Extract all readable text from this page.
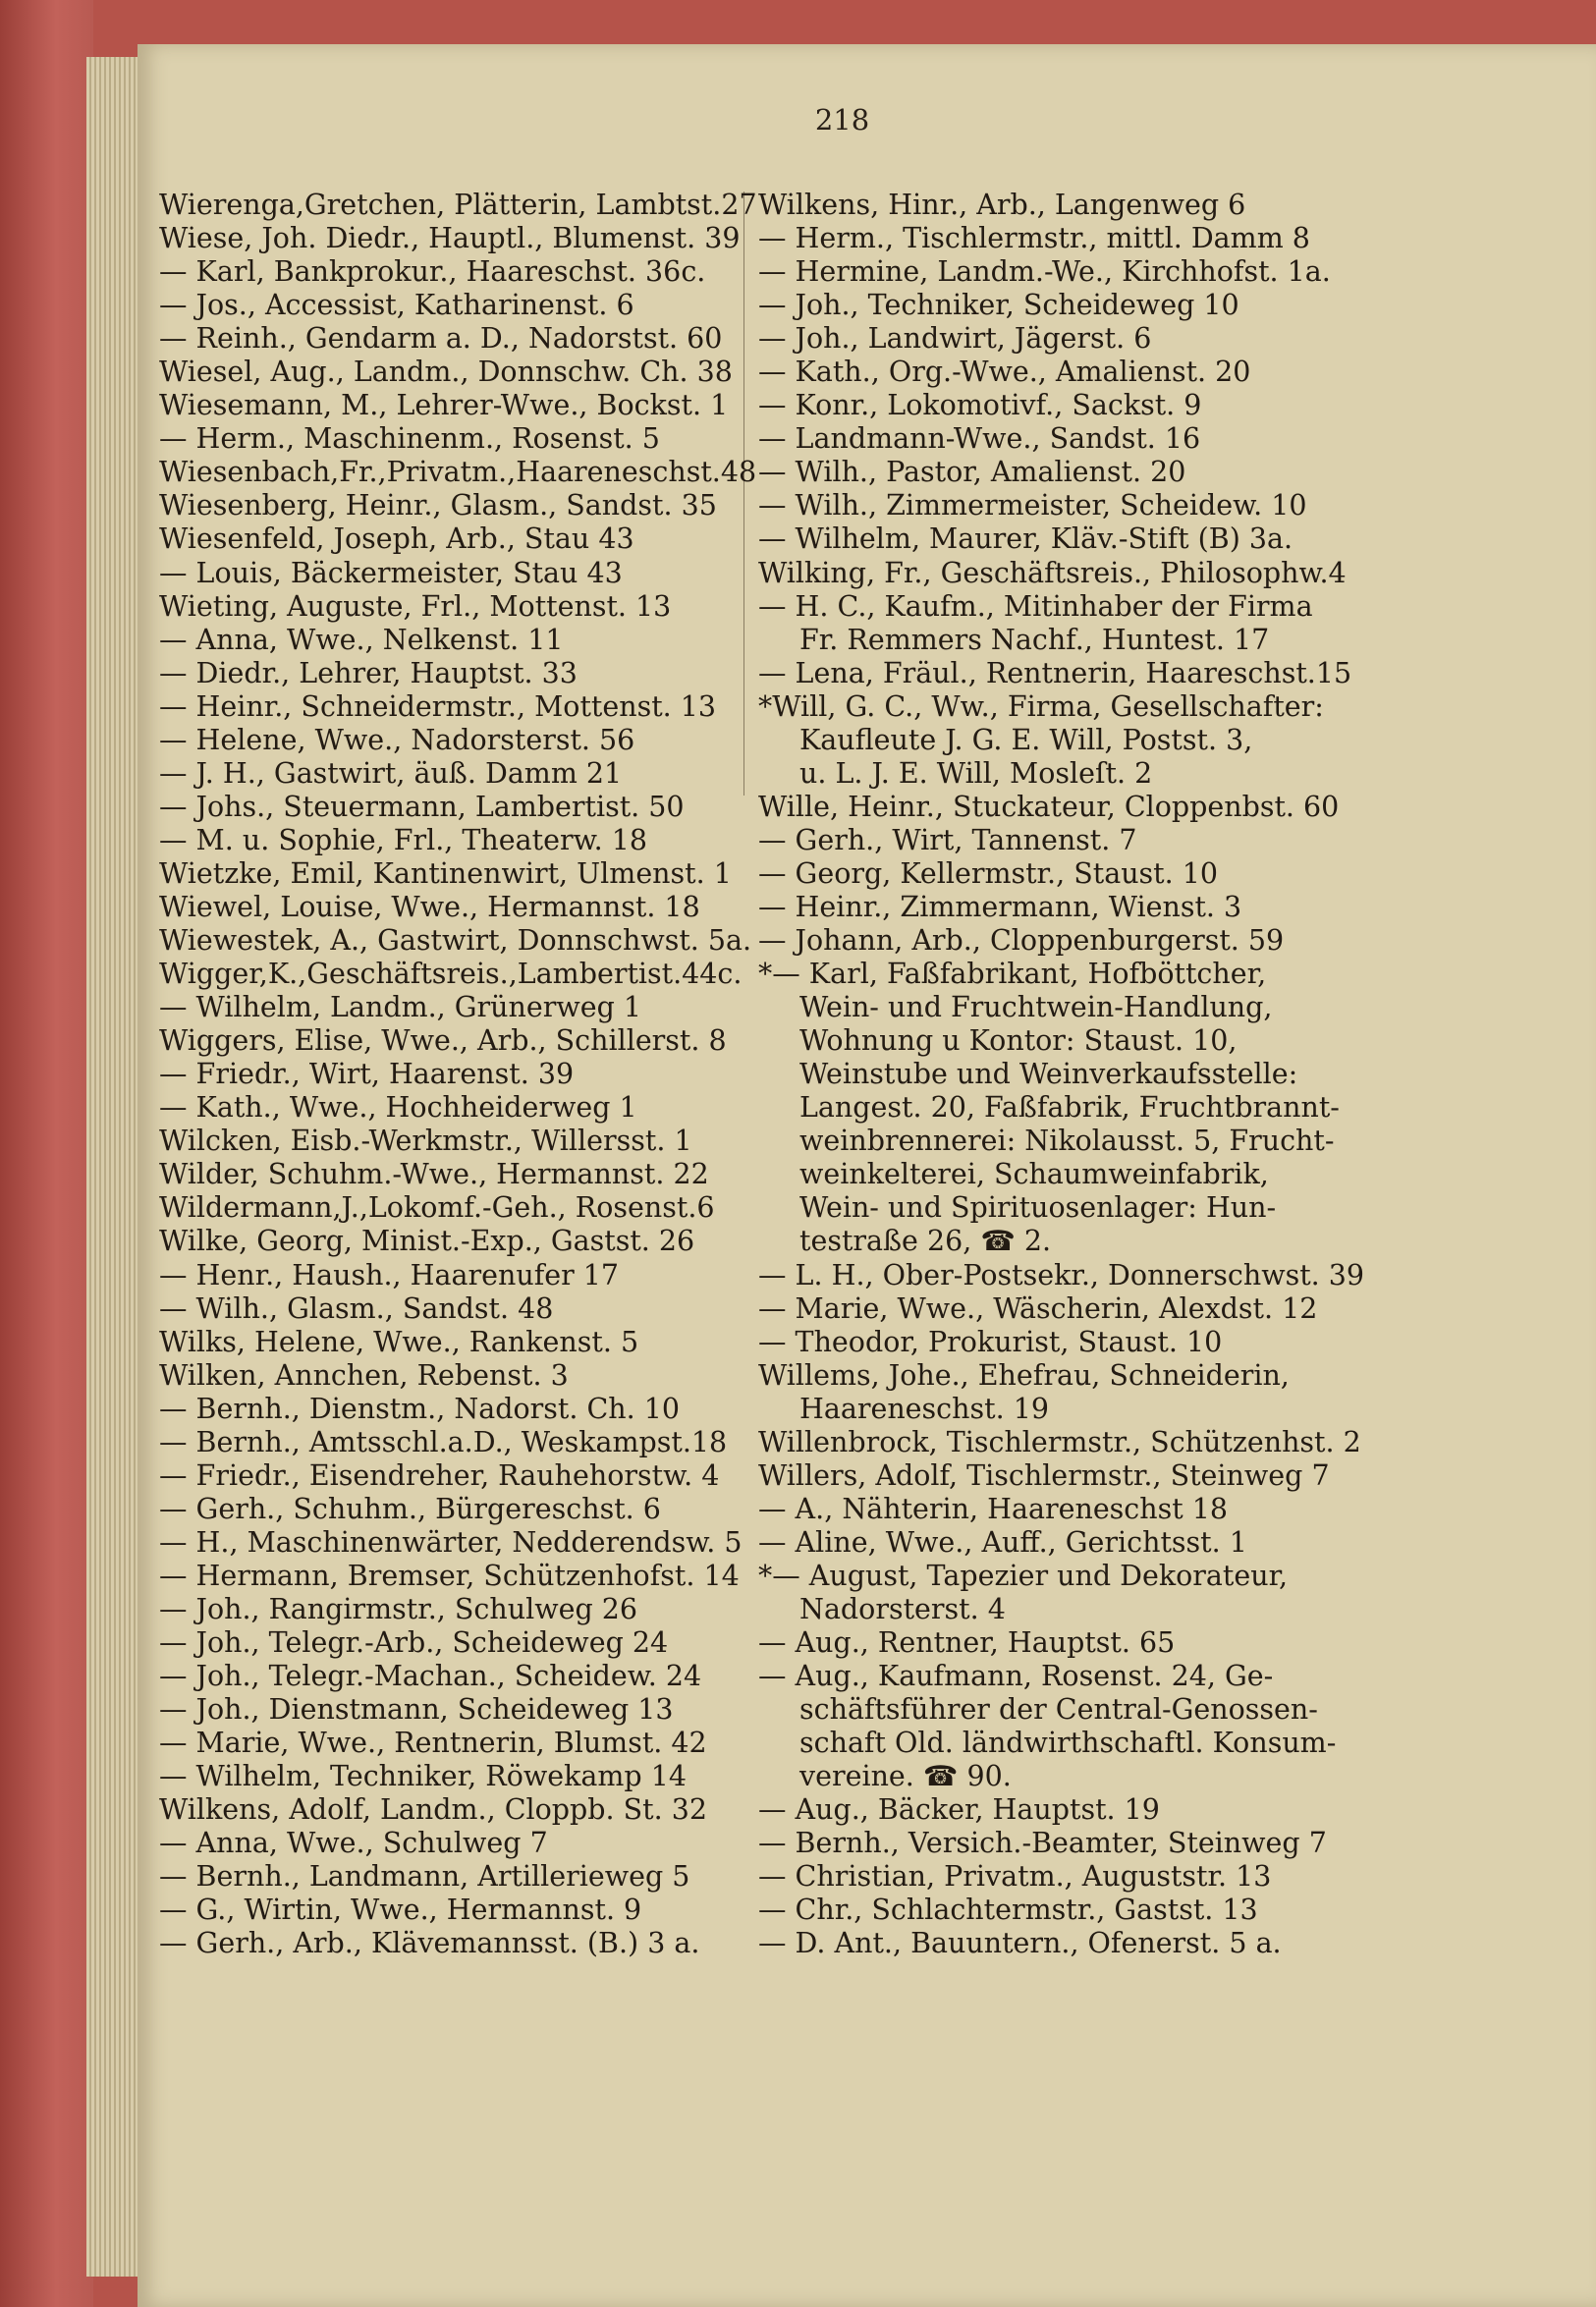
218

Wierenga,Gretchen, Plätterin, Lambtst.27

Wiese, Joh. Diedr., Hauptl., Blumenst. 39

— Karl, Bankprokur., Haareschst. 36c.

— Jos., Accessist, Katharinenst. 6

— Reinh., Gendarm a. D., Nadorstst. 60

Wiesel, Aug., Landm., Donnschw. Ch. 38

Wiesemann, M., Lehrer-Wwe., Bockst. 1

— Herm., Maschinenm., Rosenst. 5

Wiesenbach,Fr.,Privatm.,Haareneschst.48

Wiesenberg, Heinr., Glasm., Sandst. 35

Wiesenfeld, Joseph, Arb., Stau 43

— Louis, Bäckermeister, Stau 43

Wieting, Auguste, Frl., Mottenst. 13

— Anna, Wwe., Nelkenst. 11

— Diedr., Lehrer, Hauptst. 33

— Heinr., Schneidermstr., Mottenst. 13

— Helene, Wwe., Nadorsterst. 56

— J. H., Gastwirt, äuß. Damm 21

— Johs., Steuermann, Lambertist. 50

— M. u. Sophie, Frl., Theaterw. 18

Wietzke, Emil, Kantinenwirt, Ulmenst. 1

Wiewel, Louise, Wwe., Hermannst. 18

Wiewestek, A., Gastwirt, Donnschwst. 5a.

Wigger,K.,Geschäftsreis.,Lambertist.44c.

— Wilhelm, Landm., Grünerweg 1

Wiggers, Elise, Wwe., Arb., Schillerst. 8

— Friedr., Wirt, Haarenst. 39

— Kath., Wwe., Hochheiderweg 1

Wilcken, Eisb.-Werkmstr., Willersst. 1

Wilder, Schuhm.-Wwe., Hermannst. 22

Wildermann,J.,Lokomf.-Geh., Rosenst.6

Wilke, Georg, Minist.-Exp., Gastst. 26

— Henr., Haush., Haarenufer 17

— Wilh., Glasm., Sandst. 48

Wilks, Helene, Wwe., Rankenst. 5

Wilken, Annchen, Rebenst. 3

— Bernh., Dienstm., Nadorst. Ch. 10

— Bernh., Amtsschl.a.D., Weskampst.18

— Friedr., Eisendreher, Rauhehorstw. 4

— Gerh., Schuhm., Bürgereschst. 6

— H., Maschinenwärter, Nedderendsw. 5

— Hermann, Bremser, Schützenhofst. 14

— Joh., Rangirmstr., Schulweg 26

— Joh., Telegr.-Arb., Scheideweg 24

— Joh., Telegr.-Machan., Scheidew. 24

— Joh., Dienstmann, Scheideweg 13

— Marie, Wwe., Rentnerin, Blumst. 42

— Wilhelm, Techniker, Röwekamp 14

Wilkens, Adolf, Landm., Cloppb. St. 32

— Anna, Wwe., Schulweg 7

— Bernh., Landmann, Artillerieweg 5

— G., Wirtin, Wwe., Hermannst. 9

— Gerh., Arb., Klävemannsst. (B.) 3 a.

Wilkens, Hinr., Arb., Langenweg 6

— Herm., Tischlermstr., mittl. Damm 8

— Hermine, Landm.-We., Kirchhofst. 1a.

— Joh., Techniker, Scheideweg 10

— Joh., Landwirt, Jägerst. 6

— Kath., Org.-Wwe., Amalienst. 20

— Konr., Lokomotivf., Sackst. 9

— Landmann-Wwe., Sandst. 16

— Wilh., Pastor, Amalienst. 20

— Wilh., Zimmermeister, Scheidew. 10

— Wilhelm, Maurer, Kläv.-Stift (B) 3a.

Wilking, Fr., Geschäftsreis., Philosophw.4

— H. C., Kaufm., Mitinhaber der Firma

Fr. Remmers Nachf., Huntest. 17

— Lena, Fräul., Rentnerin, Haareschst.15

*Will, G. C., Ww., Firma, Gesellschafter:

Kaufleute J. G. E. Will, Postst. 3,

u. L. J. E. Will, Mosleſt. 2

Wille, Heinr., Stuckateur, Cloppenbst. 60

— Gerh., Wirt, Tannenst. 7

— Georg, Kellermstr., Staust. 10

— Heinr., Zimmermann, Wienst. 3

— Johann, Arb., Cloppenburgerst. 59

*— Karl, Faßfabrikant, Hofböttcher,

Wein- und Fruchtwein-Handlung,

Wohnung u Kontor: Staust. 10,

Weinstube und Weinverkaufsstelle:

Langest. 20, Faßfabrik, Fruchtbrannt-

weinbrennerei: Nikolausst. 5, Frucht-

weinkelterei, Schaumweinfabrik,

Wein- und Spirituosenlager: Hun-

testraße 26, ☎ 2.

— L. H., Ober-Postsekr., Donnerschwst. 39

— Marie, Wwe., Wäscherin, Alexdst. 12

— Theodor, Prokurist, Staust. 10

Willems, Johe., Ehefrau, Schneiderin,

Haareneschst. 19

Willenbrock, Tischlermstr., Schützenhst. 2

Willers, Adolf, Tischlermstr., Steinweg 7

— A., Nähterin, Haareneschst 18

— Aline, Wwe., Auff., Gerichtsst. 1

*— August, Tapezier und Dekorateur,

Nadorsterst. 4

— Aug., Rentner, Hauptst. 65

— Aug., Kaufmann, Rosenst. 24, Ge-

schäftsführer der Central-Genossen-

schaft Old. ländwirthschaftl. Konsum-

vereine. ☎ 90.

— Aug., Bäcker, Hauptst. 19

— Bernh., Versich.-Beamter, Steinweg 7

— Christian, Privatm., Auguststr. 13

— Chr., Schlachtermstr., Gastst. 13

— D. Ant., Bauuntern., Ofenerst. 5 a.
